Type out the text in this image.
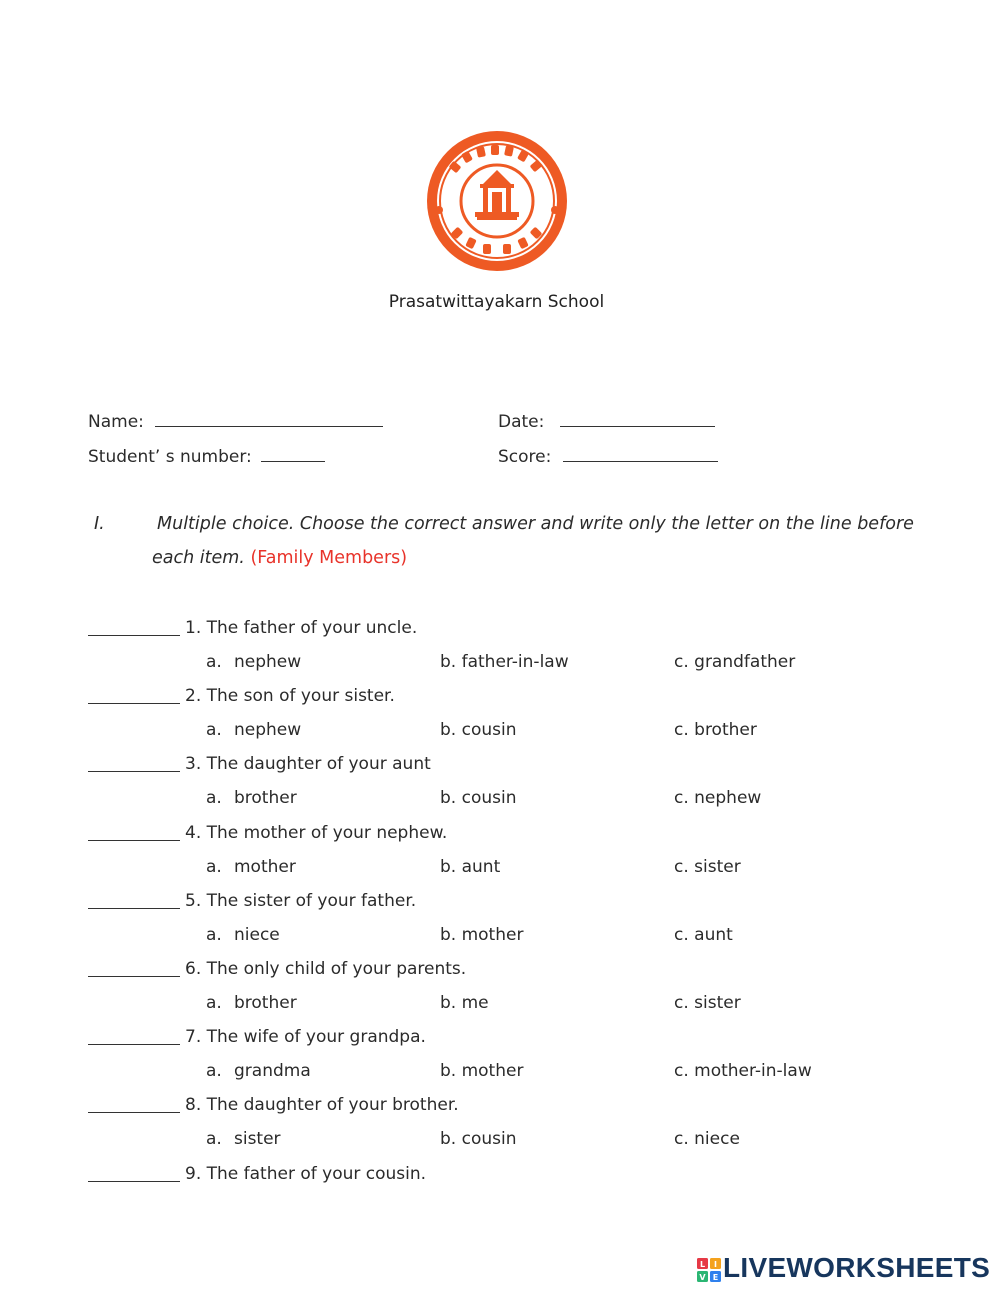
Prasatwittayakarn School
Name:	Date:
Student’ s number:	Score:
I.	Multiple choice. Choose the correct answer and write only the letter on the line before
each item. (Family Members)
1. The father of your uncle.
a. nephew	b. father-in-law	c. grandfather
2. The son of your sister.
a. nephew	b. cousin	c. brother
3. The daughter of your aunt
a. brother	b. cousin	c. nephew
4. The mother of your nephew.
a. mother	b. aunt	c. sister
5. The sister of your father.
a. niece	b. mother	c. aunt
6. The only child of your parents.
a. brother	b. me	c. sister
7. The wife of your grandpa.
a. grandma	b. mother	c. mother-in-law
8. The daughter of your brother.
a. sister	b. cousin	c. niece
9. The father of your cousin.
L I
V E LIVEWORKSHEETS
